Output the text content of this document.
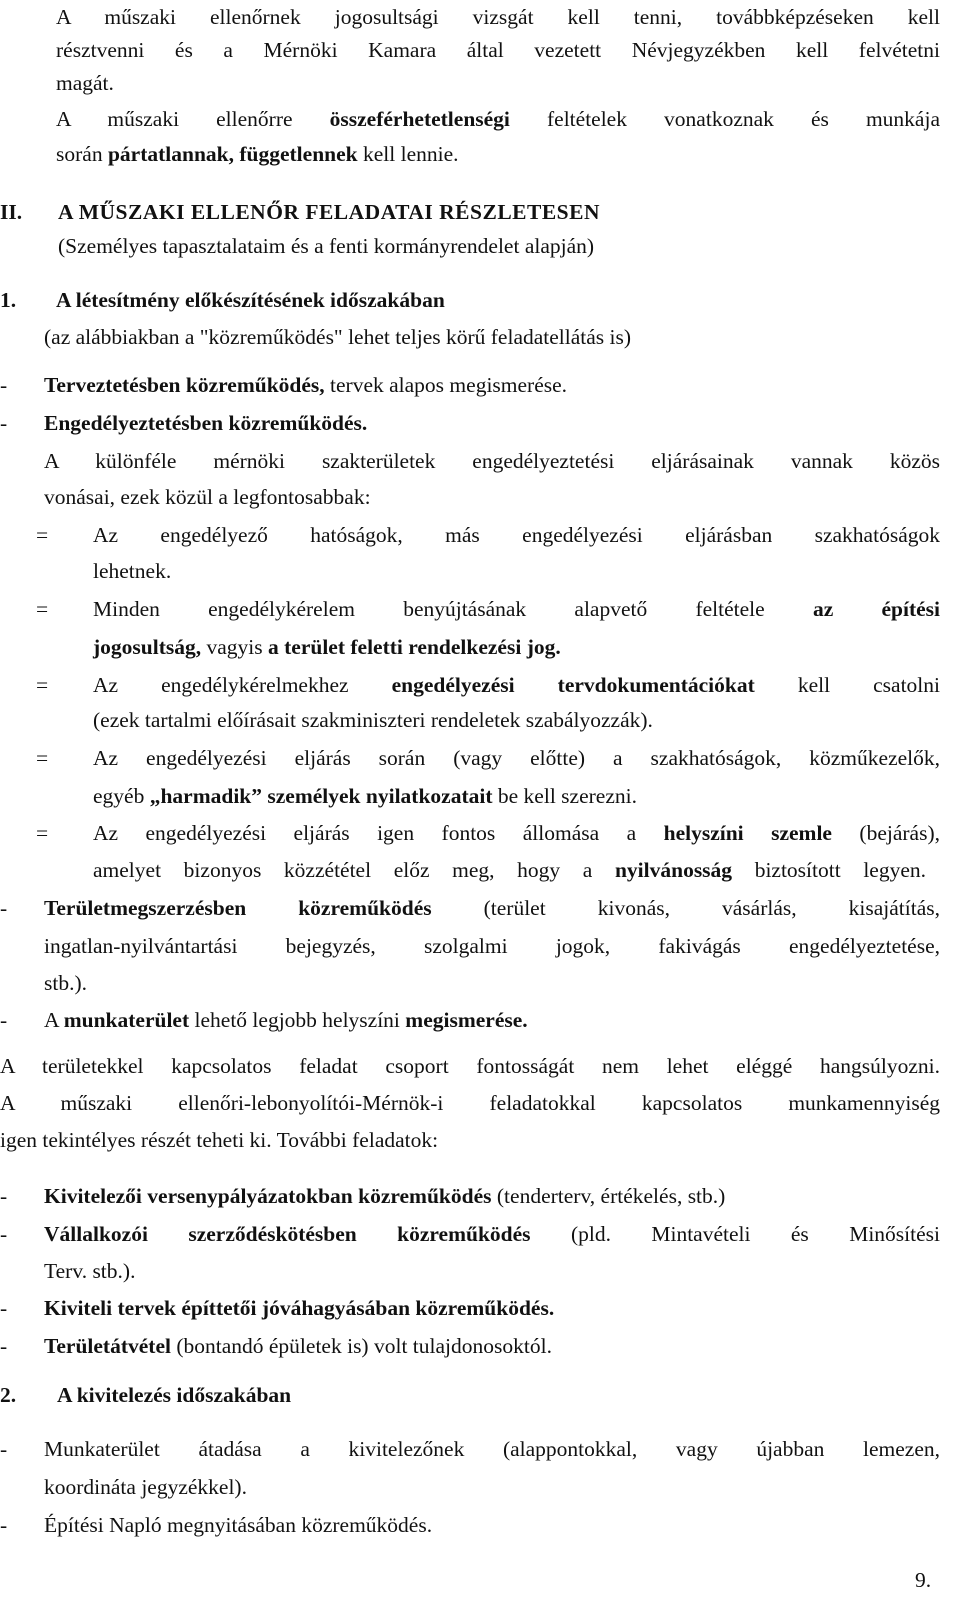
A műszaki ellenőrnek jogosultsági vizsgát kell tenni, továbbképzéseken kell
résztvenni és a Mérnöki Kamara által vezetett Névjegyzékben kell felvétetni
magát.
A műszaki ellenőrre összeférhetetlenségi feltételek vonatkoznak és munkája
során pártatlannak, függetlennek kell lennie.
II. A MŰSZAKI ELLENŐR FELADATAI RÉSZLETESEN
(Személyes tapasztalataim és a fenti kormányrendelet alapján)
1. A létesítmény előkészítésének időszakában
(az alábbiakban a "közreműködés" lehet teljes körű feladatellátás is)
- Terveztetésben közreműködés, tervek alapos megismerése.
- Engedélyeztetésben közreműködés.
A különféle mérnöki szakterületek engedélyeztetési eljárásainak vannak közös
vonásai, ezek közül a legfontosabbak:
= Az engedélyező hatóságok, más engedélyezési eljárásban szakhatóságok
lehetnek.
= Minden engedélykérelem benyújtásának alapvető feltétele az építési
jogosultság, vagyis a terület feletti rendelkezési jog.
= Az engedélykérelmekhez engedélyezési tervdokumentációkat kell csatolni
(ezek tartalmi előírásait szakminiszteri rendeletek szabályozzák).
= Az engedélyezési eljárás során (vagy előtte) a szakhatóságok, közműkezelők,
egyéb „harmadik” személyek nyilatkozatait be kell szerezni.
= Az engedélyezési eljárás igen fontos állomása a helyszíni szemle (bejárás),
amelyet bizonyos közzététel előz meg, hogy a nyilvánosság biztosított legyen.
- Területmegszerzésben közreműködés (terület kivonás, vásárlás, kisajátítás,
ingatlan-nyilvántartási bejegyzés, szolgalmi jogok, fakivágás engedélyeztetése,
stb.).
- A munkaterület lehető legjobb helyszíni megismerése.
A területekkel kapcsolatos feladat csoport fontosságát nem lehet eléggé hangsúlyozni.
A műszaki ellenőri-lebonyolítói-Mérnök-i feladatokkal kapcsolatos munkamennyiség
igen tekintélyes részét teheti ki. További feladatok:
- Kivitelezői versenypályázatokban közreműködés (tenderterv, értékelés, stb.)
- Vállalkozói szerződéskötésben közreműködés (pld. Mintavételi és Minősítési
Terv. stb.).
- Kiviteli tervek építtetői jóváhagyásában közreműködés.
- Területátvétel (bontandó épületek is) volt tulajdonosoktól.
2. A kivitelezés időszakában
- Munkaterület átadása a kivitelezőnek (alappontokkal, vagy újabban lemezen,
koordináta jegyzékkel).
- Építési Napló megnyitásában közreműködés.
9.
